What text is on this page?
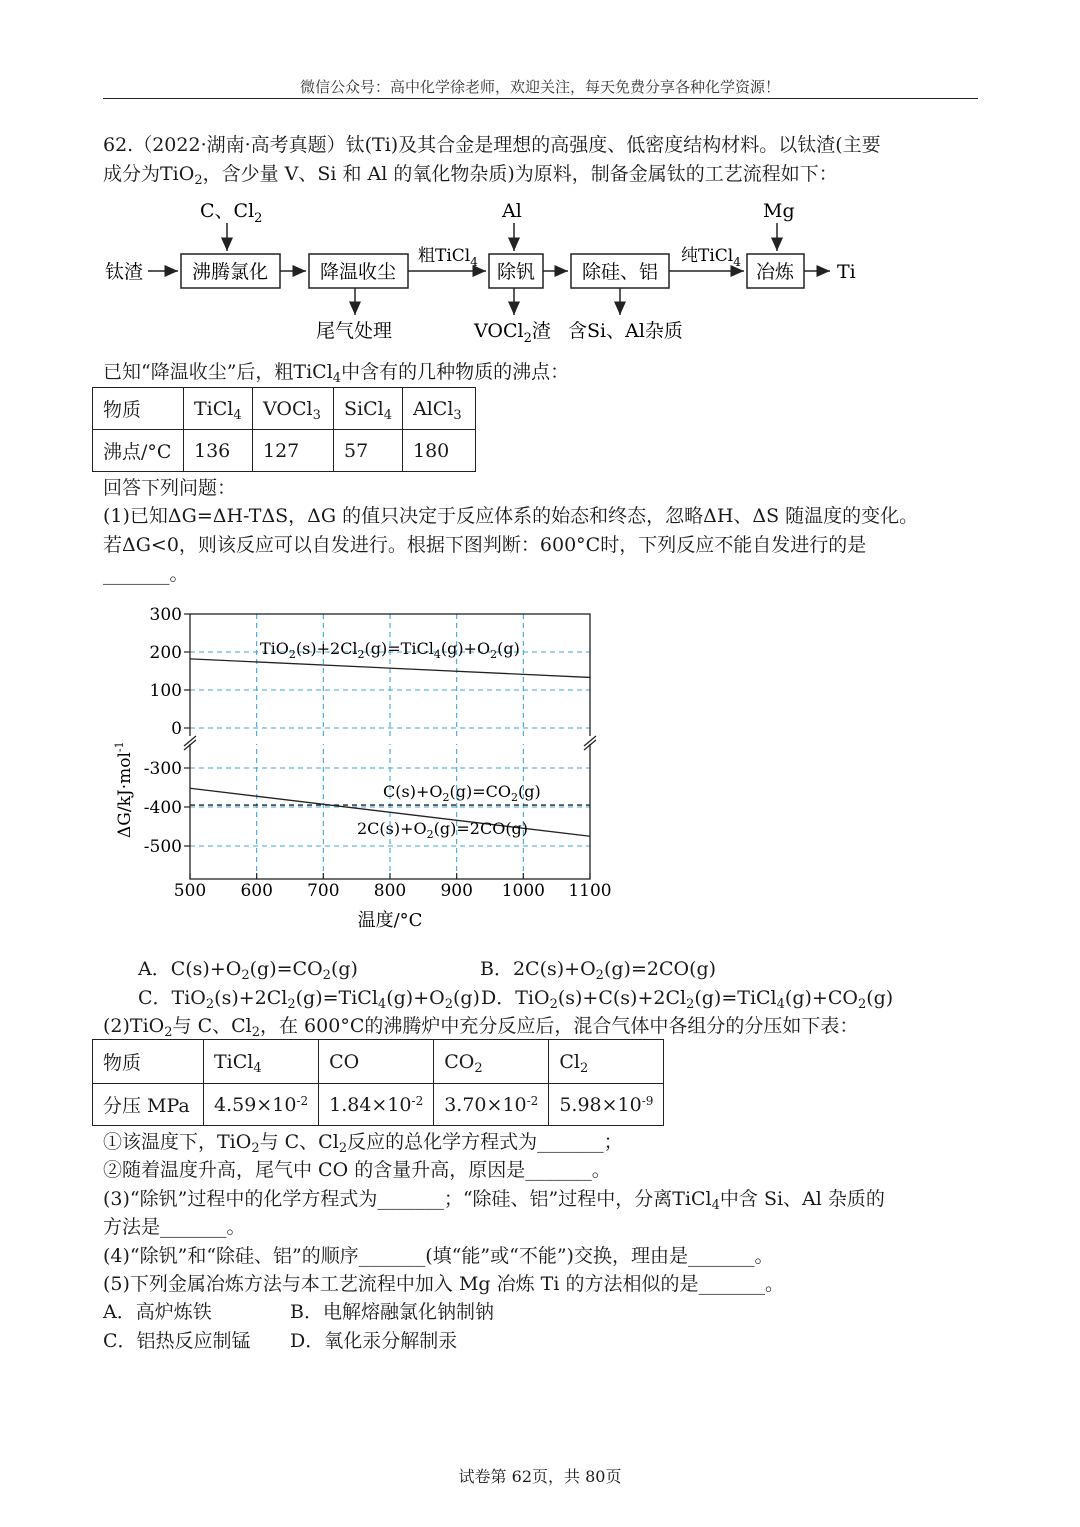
微信公众号：高中化学徐老师，欢迎关注，每天免费分享各种化学资源！
62.（2022·湖南·高考真题）钛(Ti)及其合金是理想的高强度、低密度结构材料。以钛渣(主要
成分为TiO$_2$，含少量 V、Si 和 Al 的氧化物杂质)为原料，制备金属钛的工艺流程如下：
钛渣	沸腾氯化	降温收尘
粗TiCl$_4$ 除钒 除硅、铝
纯TiCl$_4$ 冶炼 Ti
C、$Cl_2$	Al	Mg
尾气处理	VOCl$_2$渣 含Si、Al杂质
已知“降温收尘”后，粗TiCl$_4$中含有的几种物质的沸点：
物质	TiCl$_4$	VOCl$_3$	SiCl$_4$	AlCl$_3$
沸点/°C	136	127	57	180
回答下列问题：
(1)已知ΔG=ΔH-TΔS，ΔG 的值只决定于反应体系的始态和终态，忽略ΔH、ΔS 随温度的变化。
若ΔG<0，则该反应可以自发进行。根据下图判断：600°C时，下列反应不能自发进行的是
_______。
500 600 700 800 900 1000 1100
300
200
100
0
-300
-400
-500
$TiO_2(s)+2Cl_2(g)=TiCl_4(g)+O_2(g)$
$C(s)+O_2(g)=CO_2(g)$
$2C(s)+O_2(g)=2CO(g)$
ΔG/kJ·mol$^{-1}$
温度/°C
A．$C(s)+O_2(g)=CO_2(g)$	B．$2C(s)+O_2(g)=2CO(g)$
C．$TiO_2(s)+2Cl_2(g)=TiCl_4(g)+O_2(g)$ D．$TiO_2(s)+C(s)+2Cl_2(g)=TiCl_4(g)+CO_2(g)$
(2)TiO$_2$与 C、$Cl_2$，在 600°C的沸腾炉中充分反应后，混合气体中各组分的分压如下表：
物质	TiCl$_4$	CO	$CO_2$	$Cl_2$
分压 MPa	$4.59\times 10^{-2}$	$1.84\times 10^{-2}$	$3.70\times 10^{-2}$	$5.98\times 10^{-9}$
①该温度下，TiO$_2$与 C、$Cl_2$反应的总化学方程式为_______；
②随着温度升高，尾气中 CO 的含量升高，原因是_______。
(3)“除钒”过程中的化学方程式为_______；“除硅、铝”过程中，分离TiCl$_4$中含 Si、Al 杂质的
方法是_______。
(4)“除钒”和“除硅、铝”的顺序_______(填“能”或“不能”)交换，理由是_______。
(5)下列金属冶炼方法与本工艺流程中加入 Mg 冶炼 Ti 的方法相似的是_______。
A．高炉炼铁	B．电解熔融氯化钠制钠
C．铝热反应制锰 D．氧化汞分解制汞
试卷第 62页，共 80页
